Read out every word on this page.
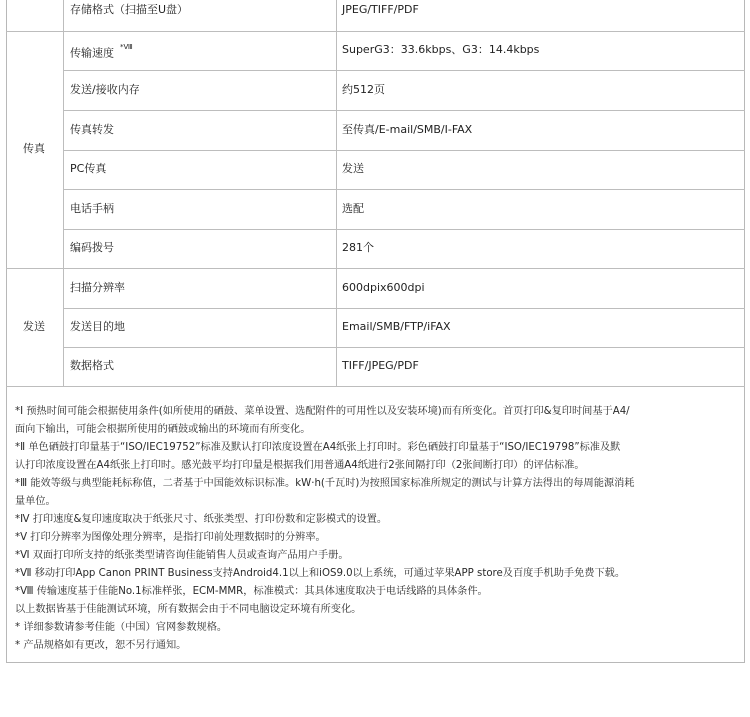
存储格式（扫描至U盘）	JPEG/TIFF/PDF
传真
传输速度 $^{*Ⅷ}$	SuperG3：33.6kbps、G3：14.4kbps
发送/接收内存	约512页
传真转发	至传真/E-mail/SMB/I-FAX
PC传真	发送
电话手柄	选配
编码拨号	281个
发送
扫描分辨率	600dpix600dpi
发送目的地	Email/SMB/FTP/iFAX
数据格式	TIFF/JPEG/PDF

*Ⅰ 预热时间可能会根据使用条件(如所使用的硒鼓、菜单设置、选配附件的可用性以及安装环境)而有所变化。首页打印&复印时间基于A4/

面向下输出，可能会根据所使用的硒鼓或输出的环境而有所变化。

*Ⅱ 单色硒鼓打印量基于“ISO/IEC19752”标准及默认打印浓度设置在A4纸张上打印时。彩色硒鼓打印量基于“ISO/IEC19798”标准及默

认打印浓度设置在A4纸张上打印时。感光鼓平均打印量是根据我们用普通A4纸进行2张间隔打印（2张间断打印）的评估标准。

*Ⅲ 能效等级与典型能耗标称值，二者基于中国能效标识标准。kW·h(千瓦时)为按照国家标准所规定的测试与计算方法得出的每周能源消耗

量单位。

*Ⅳ 打印速度&复印速度取决于纸张尺寸、纸张类型、打印份数和定影模式的设置。

*Ⅴ 打印分辨率为图像处理分辨率，是指打印前处理数据时的分辨率。

*Ⅵ 双面打印所支持的纸张类型请咨询佳能销售人员或查询产品用户手册。

*Ⅶ 移动打印App Canon PRINT Business支持Android4.1以上和iOS9.0以上系统，可通过苹果APP store及百度手机助手免费下载。

*Ⅷ 传输速度基于佳能No.1标准样张，ECM-MMR，标准模式：其具体速度取决于电话线路的具体条件。

以上数据皆基于佳能测试环境，所有数据会由于不同电脑设定环境有所变化。

* 详细参数请参考佳能（中国）官网参数规格。

* 产品规格如有更改，恕不另行通知。
